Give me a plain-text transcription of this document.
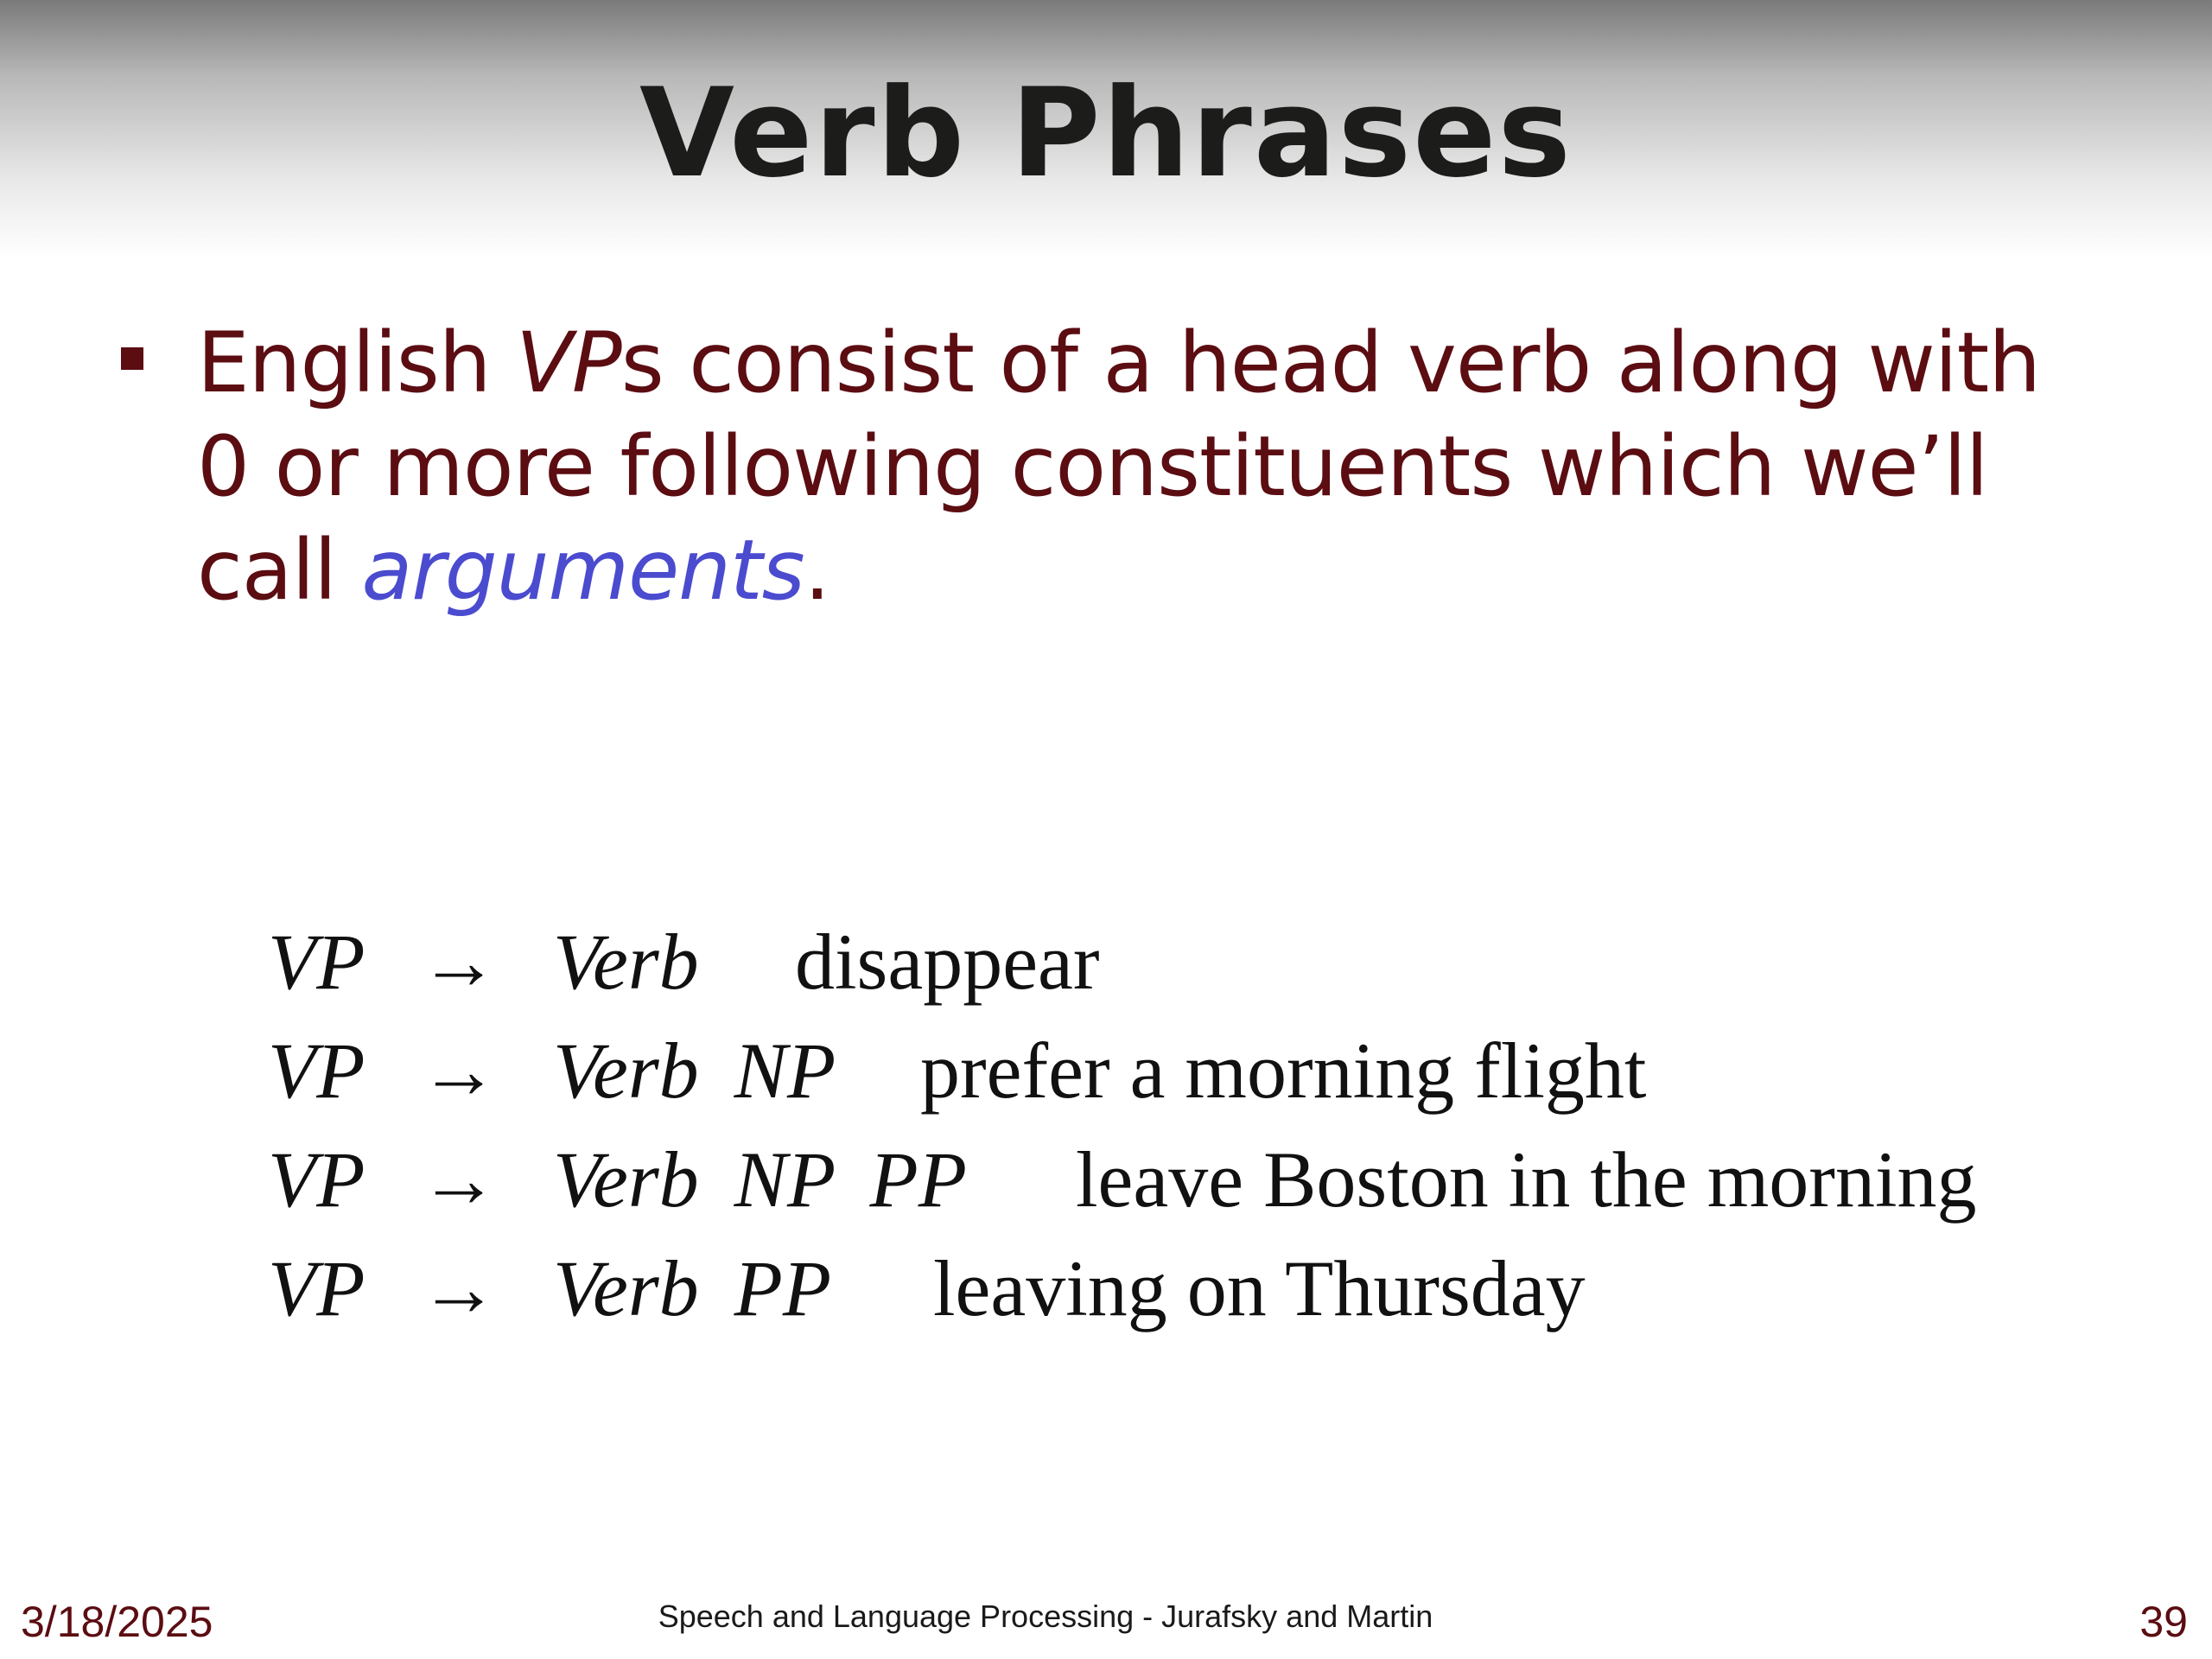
Verb Phrases
English VPs consist of a head verb along with 0 or more following constituents which we’ll call arguments.
VP → Verb disappear
VP → Verb NP prefer a morning flight
VP → Verb NP PP leave Boston in the morning
VP → Verb PP leaving on Thursday
3/18/2025	Speech and Language Processing - Jurafsky and Martin	39
